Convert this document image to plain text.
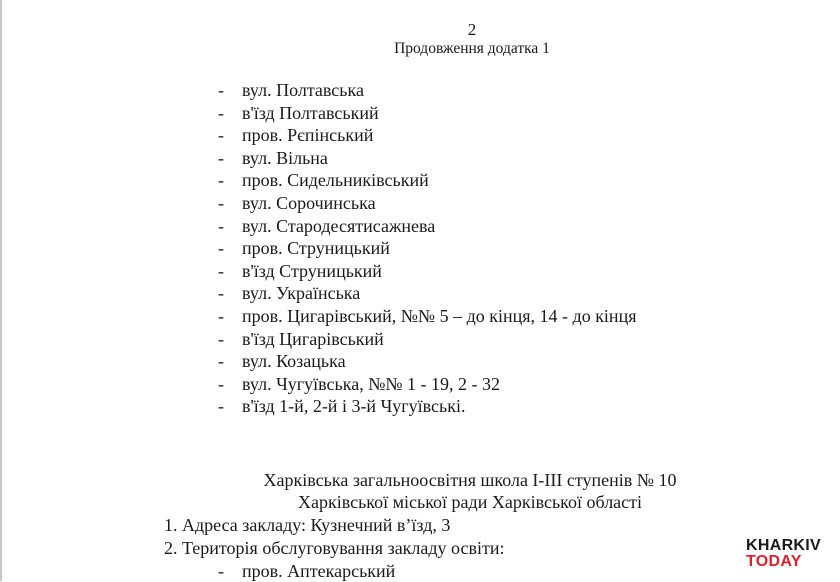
2
Продовження додатка 1
-	вул. Полтавська
-	в'їзд Полтавський
-	пров. Рєпінський
-	вул. Вільна
-	пров. Сидельниківський
-	вул. Сорочинська
-	вул. Стародесятисажнева
-	пров. Струницький
-	в'їзд Струницький
-	вул. Українська
-	пров. Цигарівський, №№ 5 – до кінця, 14 - до кінця
-	в'їзд Цигарівський
-	вул. Козацька
-	вул. Чугуївська, №№ 1 - 19, 2 - 32
-	в'їзд 1-й, 2-й і 3-й Чугуївські.
Харківська загальноосвітня школа І-ІІІ ступенів № 10
Харківської міської ради Харківської області
1. Адреса закладу: Кузнечний в’їзд, 3
2. Територія обслуговування закладу освіти:
-	пров. Аптекарський
KHARKIV
TODAY
